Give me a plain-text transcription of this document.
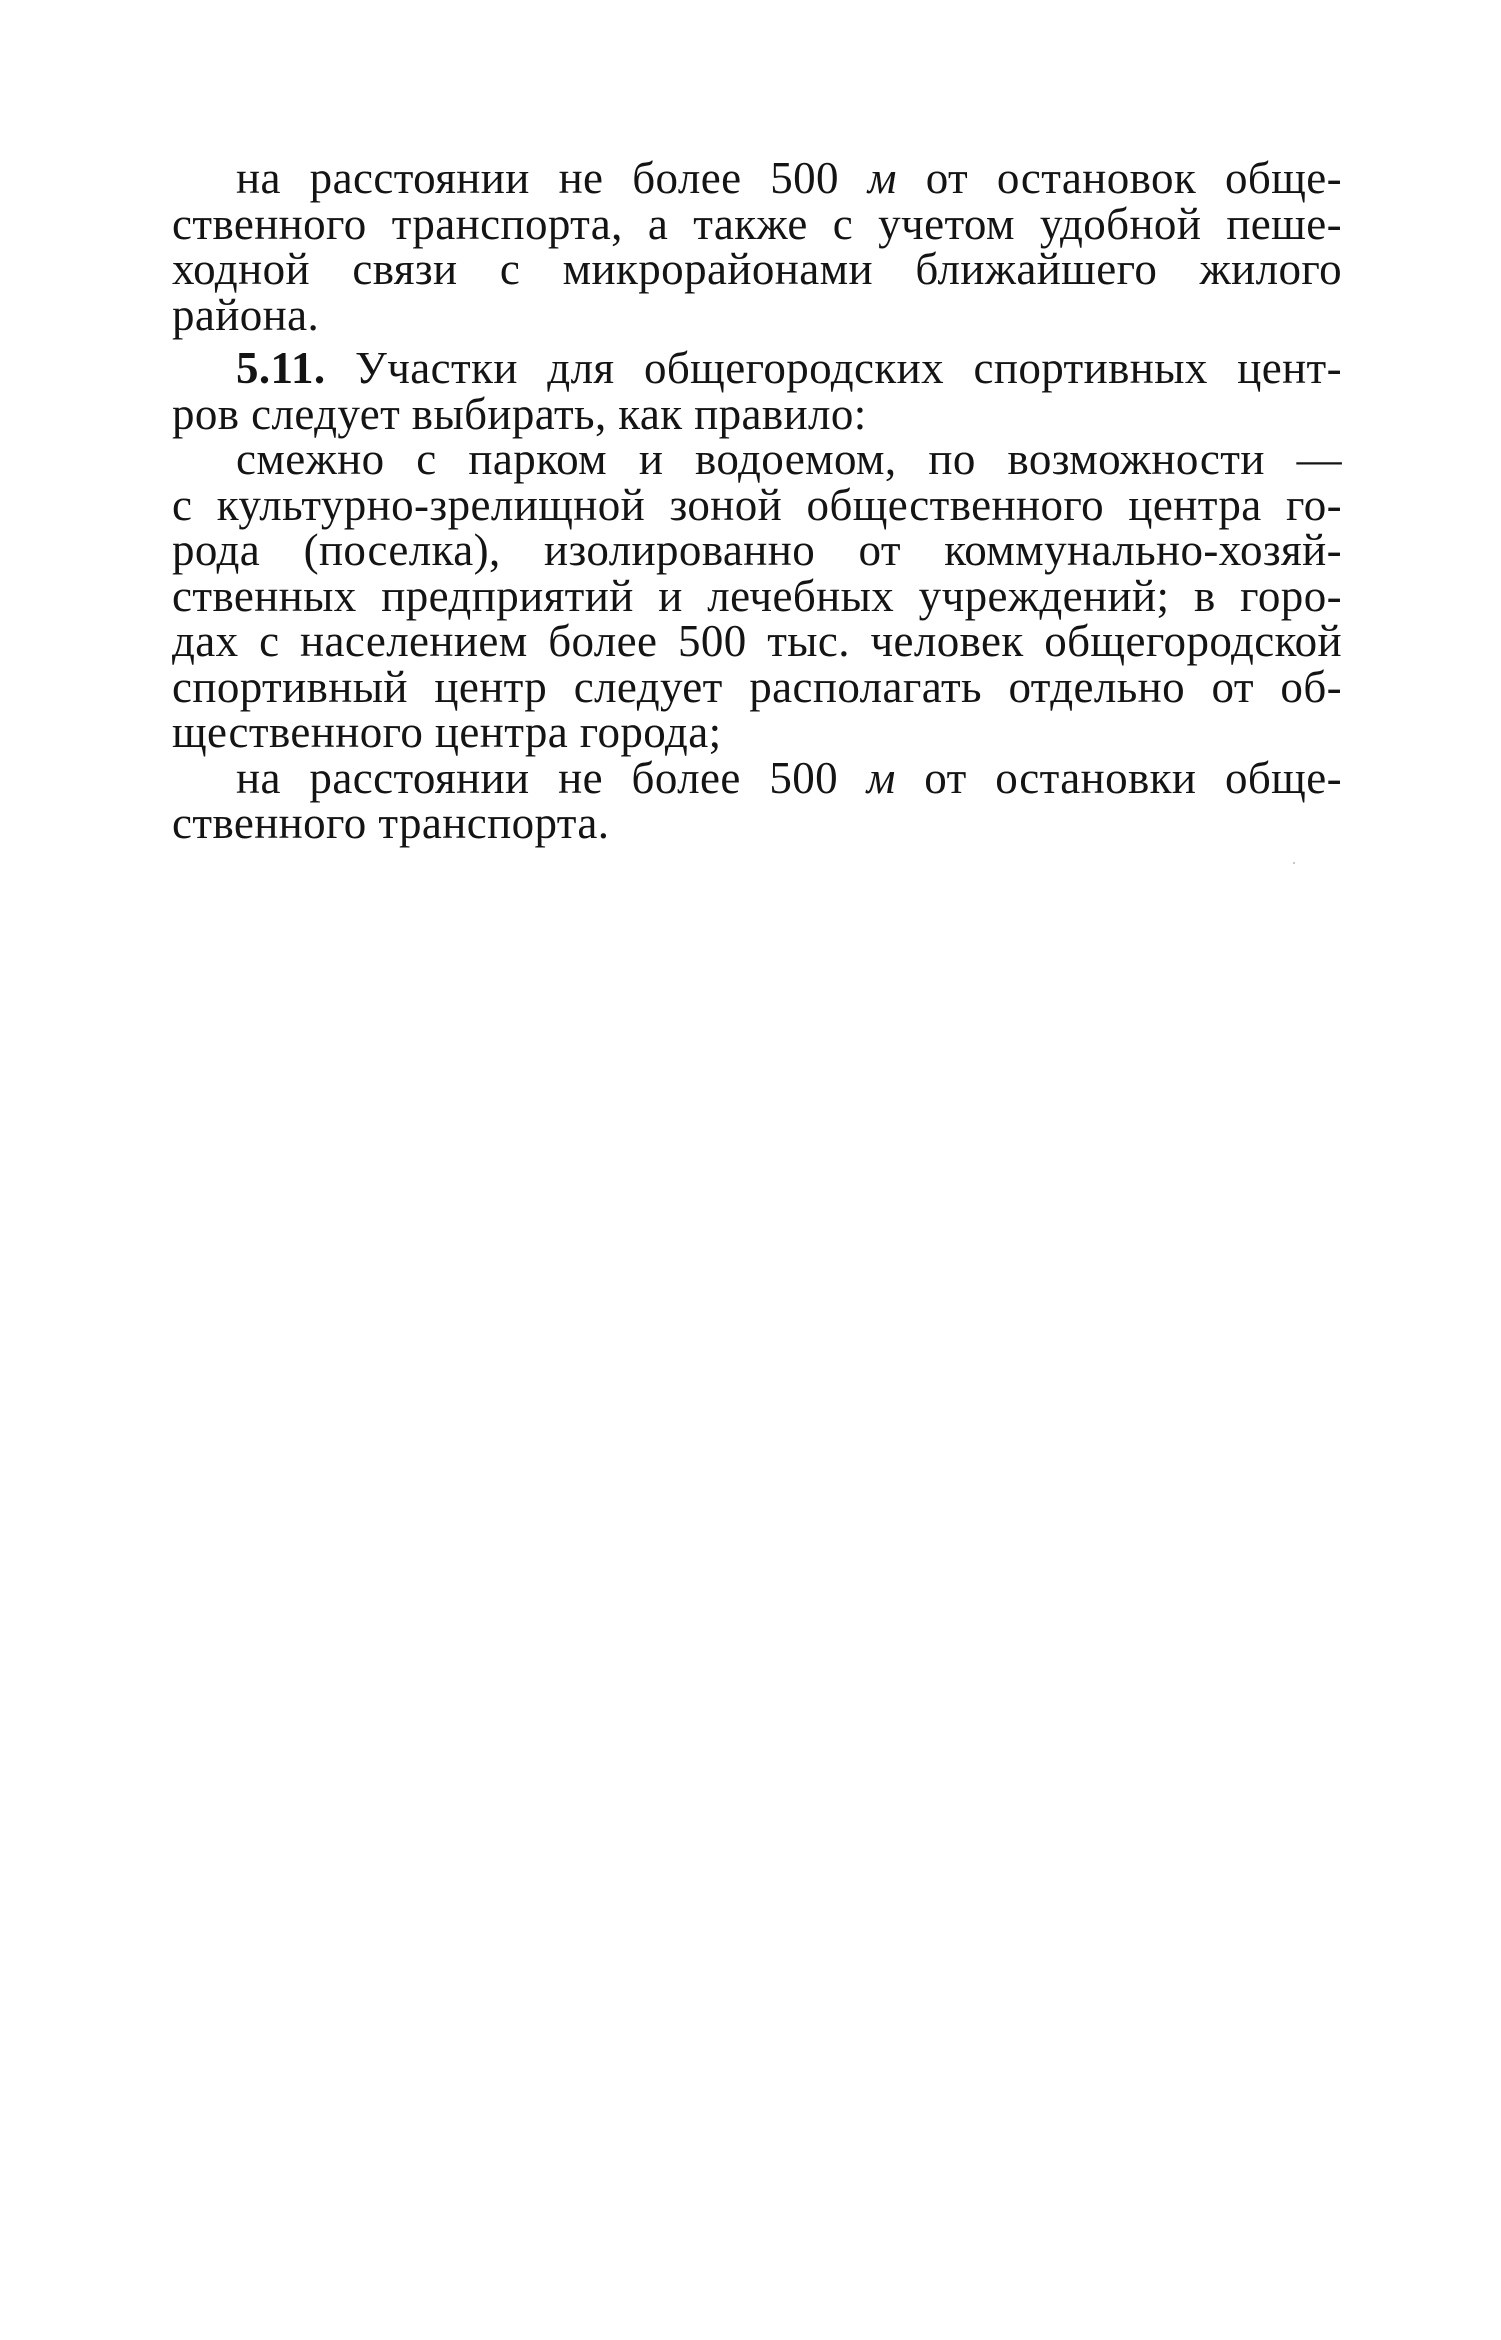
на расстоянии не более 500 м от остановок обще-
ственного транспорта, а также с учетом удобной пеше-
ходной связи с микрорайонами ближайшего жилого
района.
5.11. Участки для общегородских спортивных цент-
ров следует выбирать, как правило:
смежно с парком и водоемом, по возможности —
с культурно-зрелищной зоной общественного центра го-
рода (поселка), изолированно от коммунально-хозяй-
ственных предприятий и лечебных учреждений; в горо-
дах с населением более 500 тыс. человек общегородской
спортивный центр следует располагать отдельно от об-
щественного центра города;
на расстоянии не более 500 м от остановки обще-
ственного транспорта.
